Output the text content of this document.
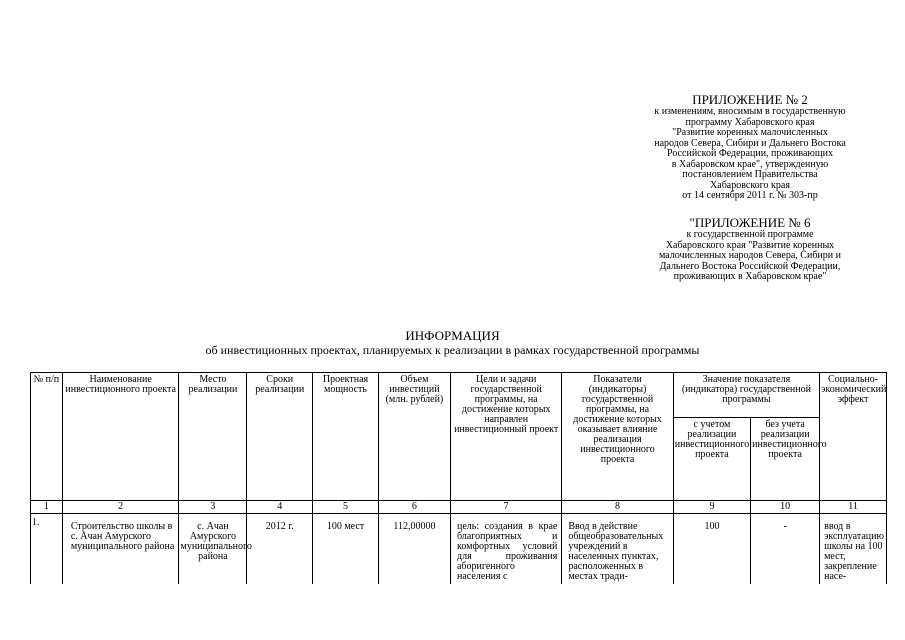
ПРИЛОЖЕНИЕ № 2
к изменениям, вносимым в государственную
программу Хабаровского края
"Развитие коренных малочисленных
народов Севера, Сибири и Дальнего Востока
Российской Федерации, проживающих
в Хабаровском крае", утвержденную
постановлением Правительства
Хабаровского края
от 14 сентября 2011 г. № 303-пр
"ПРИЛОЖЕНИЕ № 6
к государственной программе
Хабаровского края "Развитие коренных
малочисленных народов Севера, Сибири и
Дальнего Востока Российской Федерации,
проживающих в Хабаровском крае"
ИНФОРМАЦИЯ
об инвестиционных проектах, планируемых к реализации в рамках государственной программы
№ п/п	Наименование инвестиционного проекта	Место реализации	Сроки реализации	Проектная мощность	Объем инвестиций (млн. рублей)	Цели и задачи государственной программы, на достижение которых направлен инвестиционный проект	Показатели (индикаторы) государственной программы, на достижение которых оказывает влияние реализация инвестиционного проекта	Значение показателя (индикатора) государственной программы		Социально-экономический эффект
								с учетом реализации инвестиционного проекта	без учета реализации инвестиционного проекта	
1	2	3	4	5	6	7	8	9	10	11
1.	Строительство школы в с. Ачан Амурского муниципального района	с. Ачан Амурского муниципального района	2012 г.	100 мест	112,00000	цель: создания в крае благоприятных и комфортных условий для проживания аборигенного населения с	Ввод в действие общеобразовательных учреждений в населенных пунктах, расположенных в местах тради-	100	-	ввод в эксплуатацию школы на 100 мест, закрепление насе-
